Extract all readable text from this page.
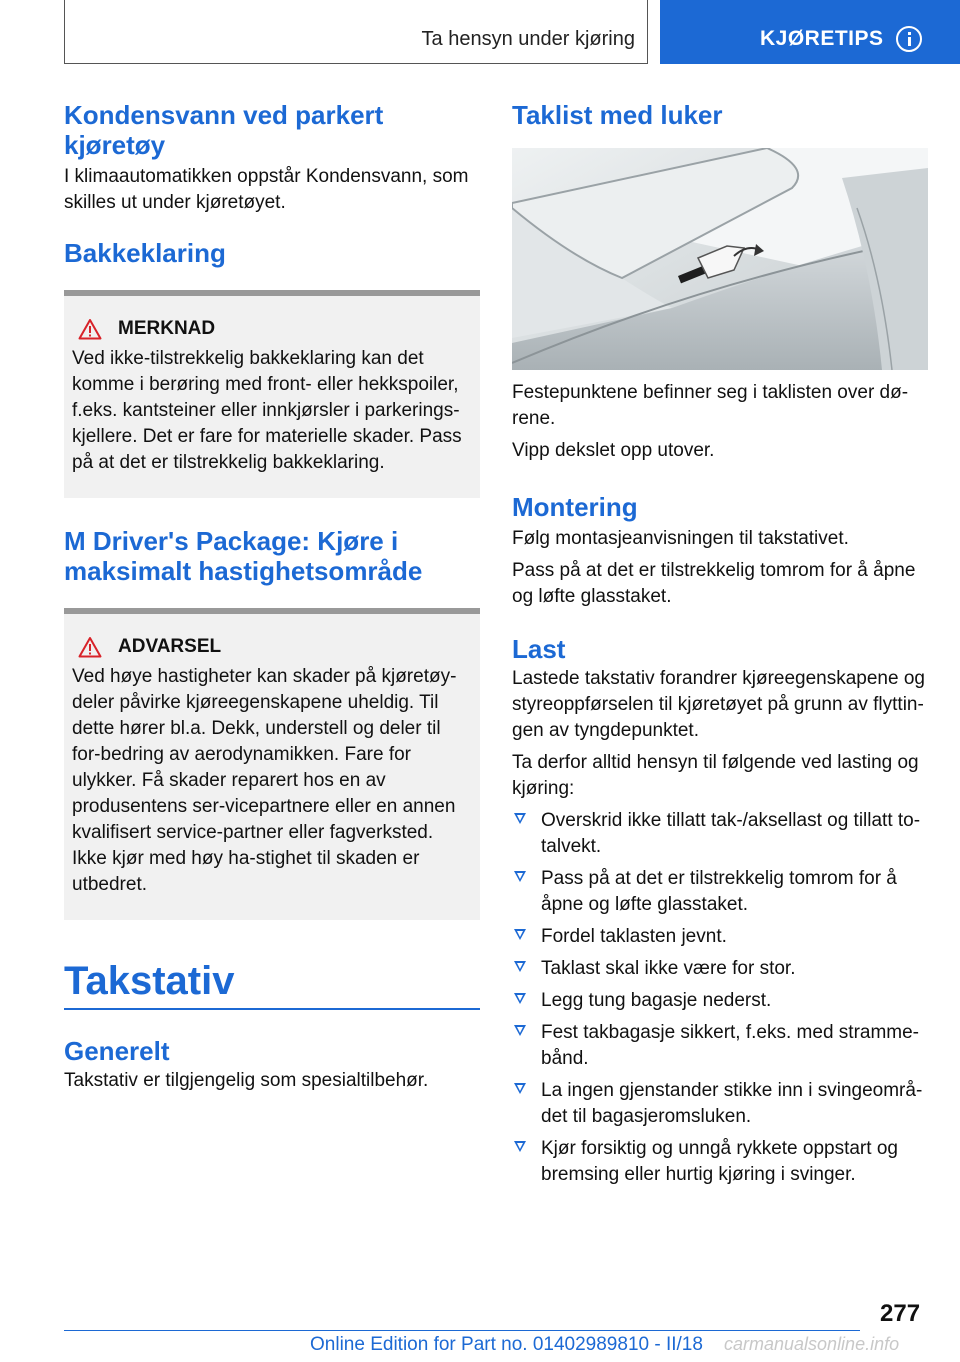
Ta hensyn under kjøring	KJØRETIPS
Kondensvann ved parkert kjøretøy

I klimaautomatikken oppstår Kondensvann, som skilles ut under kjøretøyet.

Bakkeklaring
MERKNAD

Ved ikke-tilstrekkelig bakkeklaring kan det komme i berøring med front- eller hekkspoiler, f.eks. kantsteiner eller innkjørsler i parkerings-kjellere. Det er fare for materielle skader. Pass på at det er tilstrekkelig bakkeklaring.

M Driver's Package: Kjøre i maksimalt hastighetsområde
ADVARSEL

Ved høye hastigheter kan skader på kjøretøy-deler påvirke kjøreegenskapene uheldig. Til dette hører bl.a. Dekk, understell og deler til for-bedring av aerodynamikken. Fare for ulykker. Få skader reparert hos en av produsentens ser-vicepartnere eller en annen kvalifisert service-partner eller fagverksted. Ikke kjør med høy ha-stighet til skaden er utbedret.

Takstativ
Generelt

Takstativ er tilgjengelig som spesialtilbehør.

Taklist med luker

Festepunktene befinner seg i taklisten over dø-rene.

Vipp dekslet opp utover.

Montering

Følg montasjeanvisningen til takstativet.

Pass på at det er tilstrekkelig tomrom for å åpne og løfte glasstaket.

Last

Lastede takstativ forandrer kjøreegenskapene og styreoppførselen til kjøretøyet på grunn av flyttin-gen av tyngdepunktet.

Ta derfor alltid hensyn til følgende ved lasting og kjøring:

Overskrid ikke tillatt tak-/aksellast og tillatt to-talvekt.
Pass på at det er tilstrekkelig tomrom for å åpne og løfte glasstaket.
Fordel taklasten jevnt.
Taklast skal ikke være for stor.
Legg tung bagasje nederst.
Fest takbagasje sikkert, f.eks. med stramme-bånd.
La ingen gjenstander stikke inn i svingeområ-det til bagasjeromsluken.
Kjør forsiktig og unngå rykkete oppstart og bremsing eller hurtig kjøring i svinger.
277
Online Edition for Part no. 01402989810 - II/18 carmanualsonline.info
